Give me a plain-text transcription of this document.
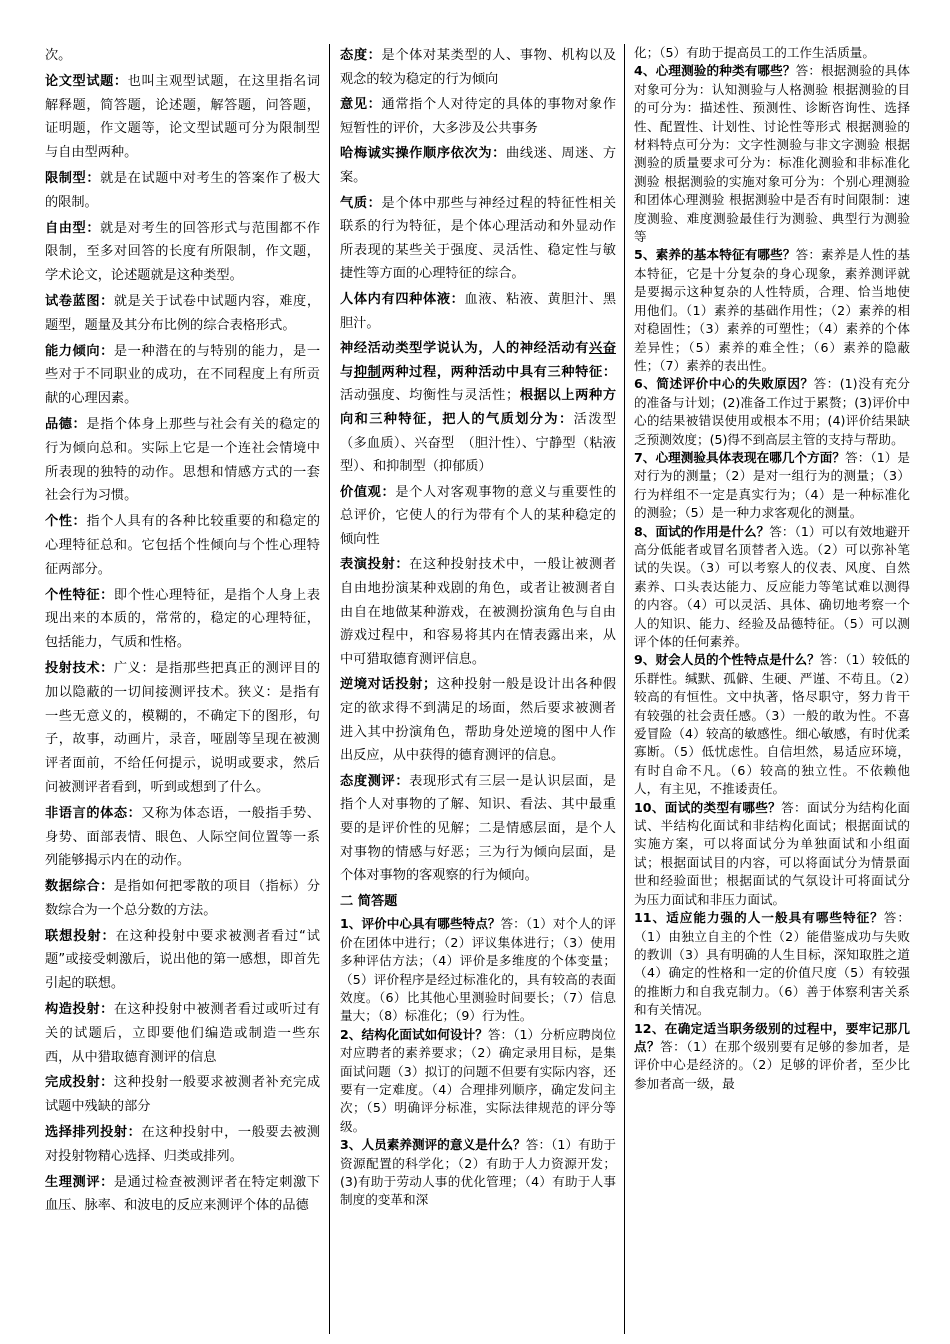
次。

论文型试题：也叫主观型试题，在这里指名词解释题，简答题，论述题，解答题，问答题，证明题，作文题等，论文型试题可分为限制型与自由型两种。

限制型：就是在试题中对考生的答案作了极大的限制。

自由型：就是对考生的回答形式与范围都不作限制，至多对回答的长度有所限制，作文题，学术论文，论述题就是这种类型。

试卷蓝图：就是关于试卷中试题内容，难度，题型，题量及其分布比例的综合表格形式。

能力倾向：是一种潜在的与特别的能力，是一些对于不同职业的成功，在不同程度上有所贡献的心理因素。

品德：是指个体身上那些与社会有关的稳定的行为倾向总和。实际上它是一个连社会情境中所表现的独特的动作。思想和情感方式的一套社会行为习惯。

个性：指个人具有的各种比较重要的和稳定的心理特征总和。它包括个性倾向与个性心理特征两部分。

个性特征：即个性心理特征，是指个人身上表现出来的本质的，常常的，稳定的心理特征，包括能力，气质和性格。

投射技术：广义：是指那些把真正的测评目的加以隐蔽的一切间接测评技术。狭义：是指有一些无意义的，模糊的，不确定下的图形，句子，故事，动画片，录音，哑剧等呈现在被测评者面前，不给任何提示，说明或要求，然后问被测评者看到，听到或想到了什么。

非语言的体态：又称为体态语，一般指手势、身势、面部表情、眼色、人际空间位置等一系列能够揭示内在的动作。

数据综合：是指如何把零散的项目（指标）分数综合为一个总分数的方法。

联想投射：在这种投射中要求被测者看过“试题”或接受刺激后，说出他的第一感想，即首先引起的联想。

构造投射：在这种投射中被测者看过或听过有关的试题后，立即要他们编造或制造一些东西，从中猎取德育测评的信息

完成投射：这种投射一般要求被测者补充完成试题中残缺的部分

选择排列投射：在这种投射中，一般要去被测对投射物精心选择、归类或排列。

生理测评：是通过检查被测评者在特定刺激下血压、脉率、和波电的反应来测评个体的品德

态度：是个体对某类型的人、事物、机构以及观念的较为稳定的行为倾向

意见：通常指个人对待定的具体的事物对象作短暂性的评价，大多涉及公共事务

哈梅诚实操作顺序依次为：曲线迷、周迷、方案。

气质：是个体中那些与神经过程的特征性相关联系的行为特征，是个体心理活动和外显动作所表现的某些关于强度、灵活性、稳定性与敏捷性等方面的心理特征的综合。

人体内有四种体液：血液、粘液、黄胆汁、黑胆汁。

神经活动类型学说认为，人的神经活动有兴奋与抑制两种过程，两种活动中具有三种特征：活动强度、均衡性与灵活性；根据以上两种方向和三种特征，把人的气质划分为：活泼型（多血质）、兴奋型　（胆汁性）、宁静型（粘液型）、和抑制型（抑郁质）

价值观：是个人对客观事物的意义与重要性的总评价，它使人的行为带有个人的某种稳定的倾向性

表演投射：在这种投射技术中，一般让被测者自由地扮演某种戏剧的角色，或者让被测者自由自在地做某种游戏，在被测扮演角色与自由游戏过程中，和容易将其内在情表露出来，从中可猎取德育测评信息。

逆境对话投射；这种投射一般是设计出各种假定的欲求得不到满足的场面，然后要求被测者进入其中扮演角色，帮助身处逆境的图中人作出反应，从中获得的德育测评的信息。

态度测评：表现形式有三层一是认识层面，是指个人对事物的了解、知识、看法、其中最重要的是评价性的见解；二是情感层面，是个人对事物的情感与好恶；三为行为倾向层面，是个体对事物的客观察的行为倾向。

二 简答题

1、评价中心具有哪些特点？答：（1）对个人的评价在团体中进行；（2）评议集体进行；（3）使用多种评估方法；（4）评价是多维度的个体变量；（5）评价程序是经过标准化的，具有较高的表面效度。（6）比其他心里测验时间要长；（7）信息量大；（8）标准化；（9）行为性。

2、结构化面试如何设计？答：（1）分析应聘岗位对应聘者的素养要求；（2）确定录用目标，是集面试问题（3）拟订的问题不但要有实际内容，还要有一定难度。（4）合理排列顺序，确定发问主次；（5）明确评分标准，实际法律规范的评分等级。

3、人员素养测评的意义是什么？答：（1）有助于资源配置的科学化；（2）有助于人力资源开发；(3)有助于劳动人事的优化管理；（4）有助于人事制度的变革和深

化；（5）有助于提高员工的工作生活质量。

4、心理测验的种类有哪些？答：根据测验的具体对象可分为：认知测验与人格测验 根据测验的目的可分为：描述性、预测性、诊断咨询性、选择性、配置性、计划性、讨论性等形式 根据测验的材料特点可分为：文字性测验与非文字测验 根据测验的质量要求可分为：标准化测验和非标准化测验 根据测验的实施对象可分为：个别心理测验和团体心理测验 根据测验中是否有时间限制：速度测验、难度测验最佳行为测验、典型行为测验等

5、素养的基本特征有哪些？答：素养是人性的基本特征，它是十分复杂的身心现象，素养测评就是要揭示这种复杂的人性特质，合理、恰当地使用他们。（1）素养的基础作用性；（2）素养的相对稳固性；（3）素养的可塑性；（4）素养的个体差异性；（5）素养的难全性；（6）素养的隐蔽性；（7）素养的表出性。

6、简述评价中心的失败原因？答：(1)没有充分的准备与计划；(2)准备工作过于累赘；(3)评价中心的结果被错误使用或根本不用；(4)评价结果缺乏预测效度；(5)得不到高层主管的支持与帮助。

7、心理测验具体表现在哪几个方面？答：（1）是对行为的测量；（2）是对一组行为的测量；（3）行为样组不一定是真实行为；（4）是一种标准化的测验；（5）是一种力求客观化的测量。

8、面试的作用是什么？答：（1）可以有效地避开高分低能者或冒名顶替者入选。（2）可以弥补笔试的失误。（3）可以考察人的仪表、风度、自然素养、口头表达能力、反应能力等笔试难以测得的内容。（4）可以灵活、具体、确切地考察一个人的知识、能力、经验及品德特征。（5）可以测评个体的任何素养。

9、财会人员的个性特点是什么？答：（1）较低的乐群性。缄默、孤僻、生硬、严谨、不苟且。（2）较高的有恒性。文中执著，恪尽职守，努力肯干有较强的社会责任感。（3）一般的敢为性。不喜爱冒险（4）较高的敏感性。细心敏感，有时优柔寡断。（5）低忧虑性。自信坦然，易适应环境，有时自命不凡。（6）较高的独立性。不依赖他人，有主见，不推诿责任。

10、面试的类型有哪些？答：面试分为结构化面试、半结构化面试和非结构化面试；根据面试的实施方案，可以将面试分为单独面试和小组面试；根据面试目的内容，可以将面试分为情景面世和经验面世；根据面试的气氛设计可将面试分为压力面试和非压力面试。

11、适应能力强的人一般具有哪些特征？答：（1）由独立自主的个性（2）能借鉴成功与失败的教训（3）具有明确的人生目标，深知取胜之道（4）确定的性格和一定的价值尺度（5）有较强的推断力和自我克制力。（6）善于体察利害关系和有关情况。

12、在确定适当职务级别的过程中，要牢记那几点？答：（1）在那个级别要有足够的参加者，是评价中心是经济的。（2）足够的评价者，至少比参加者高一级，最
